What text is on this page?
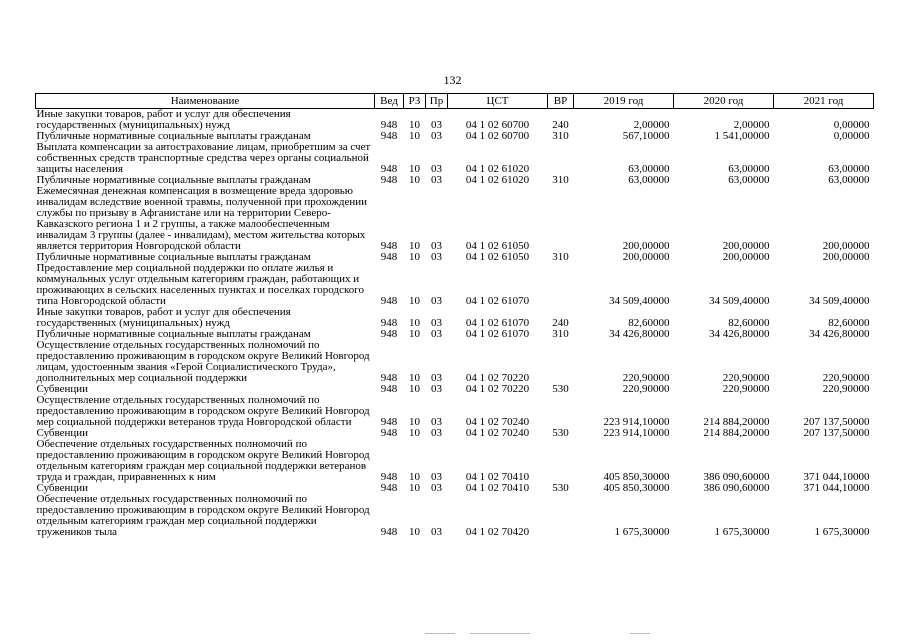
132
Наименование	Вед	РЗ	Пр	ЦСТ	ВР	2019 год	2020 год	2021 год
Иные закупки товаров, работ и услуг для обеспечения государственных (муниципальных) нужд	948	10	03	04 1 02 60700	240	2,00000	2,00000	0,00000
Публичные нормативные социальные выплаты гражданам	948	10	03	04 1 02 60700	310	567,10000	1 541,00000	0,00000
Выплата компенсации за автострахование лицам, приобретшим за счет собственных средств транспортные средства через органы социальной защиты населения	948	10	03	04 1 02 61020		63,00000	63,00000	63,00000
Публичные нормативные социальные выплаты гражданам	948	10	03	04 1 02 61020	310	63,00000	63,00000	63,00000
Ежемесячная денежная компенсация в возмещение вреда здоровью инвалидам вследствие военной травмы, полученной при прохождении службы по призыву в Афганистане или на территории Северо-Кавказского региона 1 и 2 группы, а также малообеспеченным инвалидам 3 группы (далее - инвалидам), местом жительства которых является территория Новгородской области	948	10	03	04 1 02 61050		200,00000	200,00000	200,00000
Публичные нормативные социальные выплаты гражданам	948	10	03	04 1 02 61050	310	200,00000	200,00000	200,00000
Предоставление мер социальной поддержки по оплате жилья и коммунальных услуг отдельным категориям граждан, работающих и проживающих в сельских населенных пунктах и поселках городского типа Новгородской области	948	10	03	04 1 02 61070		34 509,40000	34 509,40000	34 509,40000
Иные закупки товаров, работ и услуг для обеспечения государственных (муниципальных) нужд	948	10	03	04 1 02 61070	240	82,60000	82,60000	82,60000
Публичные нормативные социальные выплаты гражданам	948	10	03	04 1 02 61070	310	34 426,80000	34 426,80000	34 426,80000
Осуществление отдельных государственных полномочий по предоставлению проживающим в городском округе Великий Новгород лицам, удостоенным звания «Герой Социалистического Труда», дополнительных мер социальной поддержки	948	10	03	04 1 02 70220		220,90000	220,90000	220,90000
Субвенции	948	10	03	04 1 02 70220	530	220,90000	220,90000	220,90000
Осуществление отдельных государственных полномочий по предоставлению проживающим в городском округе Великий Новгород мер социальной поддержки ветеранов труда Новгородской области	948	10	03	04 1 02 70240		223 914,10000	214 884,20000	207 137,50000
Субвенции	948	10	03	04 1 02 70240	530	223 914,10000	214 884,20000	207 137,50000
Обеспечение отдельных государственных полномочий по предоставлению проживающим в городском округе Великий Новгород отдельным категориям граждан мер социальной поддержки ветеранов труда и граждан, приравненных к ним	948	10	03	04 1 02 70410		405 850,30000	386 090,60000	371 044,10000
Субвенции	948	10	03	04 1 02 70410	530	405 850,30000	386 090,60000	371 044,10000
Обеспечение отдельных государственных полномочий по предоставлению проживающим в городском округе Великий Новгород отдельным категориям граждан мер социальной поддержки тружеников тыла	948	10	03	04 1 02 70420		1 675,30000	1 675,30000	1 675,30000
